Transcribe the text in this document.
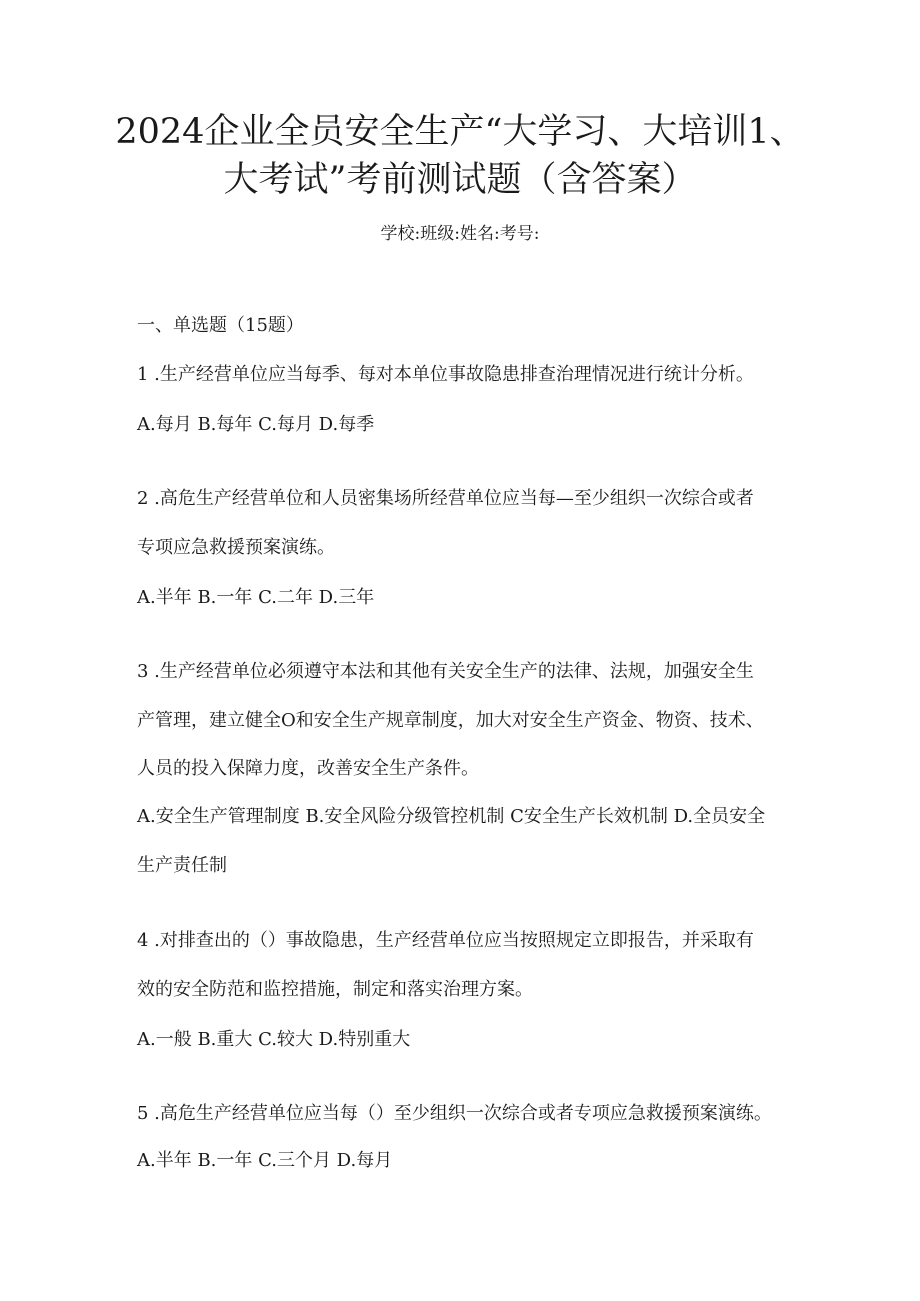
2024企业全员安全生产“大学习、大培训1、
大考试”考前测试题（含答案）
学校:班级:姓名:考号:
一、单选题（15题）
1 .生产经营单位应当每季、每对本单位事故隐患排查治理情况进行统计分析。
A.每月 B.每年 C.每月 D.每季
2 .高危生产经营单位和人员密集场所经营单位应当每—至少组织一次综合或者
专项应急救援预案演练。
A.半年 B.一年 C.二年 D.三年
3 .生产经营单位必须遵守本法和其他有关安全生产的法律、法规，加强安全生
产管理，建立健全O和安全生产规章制度，加大对安全生产资金、物资、技术、
人员的投入保障力度，改善安全生产条件。
A.安全生产管理制度 B.安全风险分级管控机制 C安全生产长效机制 D.全员安全
生产责任制
4 .对排查出的（）事故隐患，生产经营单位应当按照规定立即报告，并采取有
效的安全防范和监控措施，制定和落实治理方案。
A.一般 B.重大 C.较大 D.特别重大
5 .高危生产经营单位应当每（）至少组织一次综合或者专项应急救援预案演练。
A.半年 B.一年 C.三个月 D.每月
